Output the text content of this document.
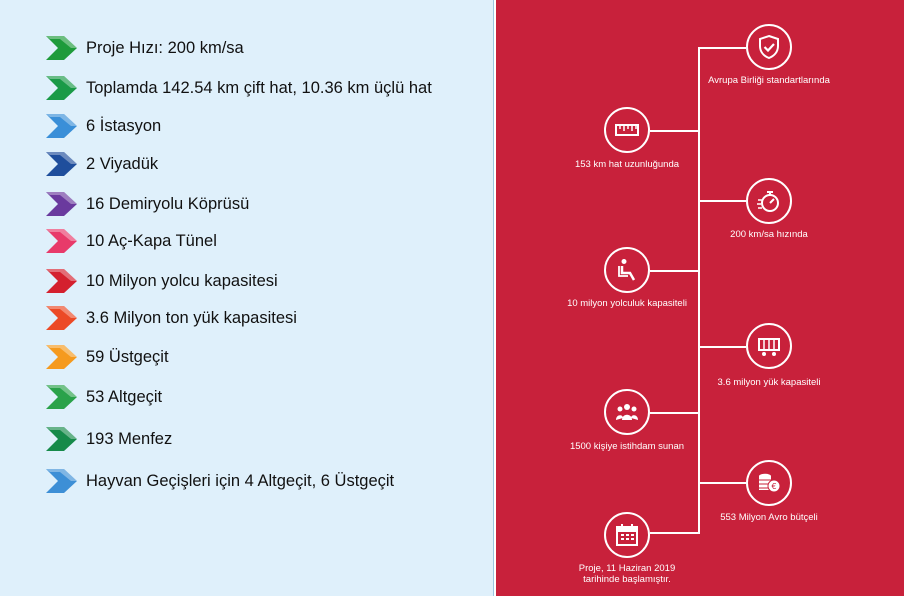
Proje Hızı: 200 km/sa
Toplamda 142.54 km çift hat, 10.36 km üçlü hat
6 İstasyon
2 Viyadük
16 Demiryolu Köprüsü
10 Aç-Kapa Tünel
10 Milyon yolcu kapasitesi
3.6 Milyon ton yük kapasitesi
59 Üstgeçit
53 Altgeçit
193 Menfez
Hayvan Geçişleri için 4 Altgeçit, 6 Üstgeçit
Avrupa Birliği standartlarında
153 km hat uzunluğunda
200 km/sa hızında
10 milyon yolculuk kapasiteli
3.6 milyon yük kapasiteli
1500 kişiye istihdam sunan
€
553 Milyon Avro bütçeli
Proje, 11 Haziran 2019 tarihinde başlamıştır.
